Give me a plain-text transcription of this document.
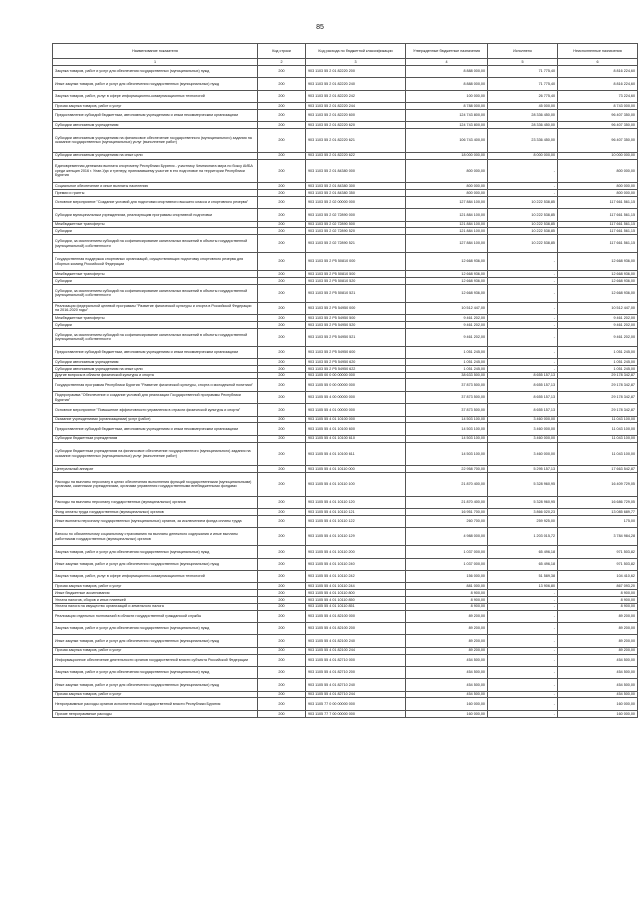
85
Наименование показателя	Код строки	Код расхода по бюджетной классификации	Утвержденные бюджетные назначения	Исполнено	Неисполненные назначения
1	2	3	4	5	6
Закупка товаров, работ и услуг для обеспечения государственных (муниципальных) нужд	200	903 1103 55 2 01 82220 200	8 888 000,00	71 775,40	8 816 224,60
Иные закупки товаров, работ и услуг для обеспечения государственных (муниципальных) нужд	200	903 1103 55 2 01 82220 240	8 888 000,00	71 775,40	8 816 224,60
Закупка товаров, работ, услуг в сфере информационно-коммуникационных технологий	200	903 1103 55 2 01 82220 242	100 000,00	26 775,40	73 224,60
Прочая закупка товаров, работ и услуг	200	903 1103 55 2 01 82220 244	8 788 000,00	45 000,00	8 743 000,00
Предоставление субсидий бюджетным, автономным учреждениям и иным некоммерческим организациям	200	903 1103 55 2 01 82220 600	124 743 800,00	28 336 450,00	96 407 350,00
Субсидии автономным учреждениям	200	903 1103 55 2 01 82220 620	124 743 800,00	28 336 450,00	96 407 350,00
Субсидии автономным учреждениям на финансовое обеспечение государственного (муниципального) задания на оказание государственных (муниципальных) услуг (выполнение работ)	200	903 1103 55 2 01 82220 621	106 743 400,00	23 336 450,00	96 407 350,00
Субсидии автономным учреждениям на иные цели	200	903 1103 55 2 01 82220 622	18 000 000,00	8 000 000,00	10 000 000,00
Единовременная денежная выплата спортсмену Республики Бурятия - участнику Чемпионата мира по боксу АИБА среди женщин 2016 г. Улан-Удэ и тренеру, принимавшему участие в его подготовке на территории Республики Бурятия	200	903 1103 55 2 01 84380 000	800 000,00	-	800 000,00
Социальное обеспечение и иные выплаты населению	200	903 1103 55 2 01 84380 300	800 000,00	-	800 000,00
Премии и гранты	200	903 1103 55 2 01 84380 350	800 000,00	-	800 000,00
Основное мероприятие "Создание условий для подготовки спортивного высшего класса и спортивного резерва"	200	903 1103 55 2 02 00000 000	127 884 100,00	10 222 538,85	117 661 561,15
Субсидии муниципальным учреждениям, реализующим программы спортивной подготовки	200	903 1103 55 2 02 72890 000	121 884 100,00	10 222 538,85	117 661 561,15
Межбюджетные трансферты	200	903 1103 55 2 02 72890 500	121 884 100,00	10 222 538,85	117 661 561,15
Субсидии	200	903 1103 55 2 02 72890 520	121 884 100,00	10 222 538,85	117 661 561,15
Субсидии, за исключением субсидий на софинансирование капитальных вложений в объекты государственной (муниципальной) собственности	200	903 1103 55 2 02 72890 521	127 884 100,00	10 222 538,85	117 661 561,15
Государственная поддержка спортивных организаций, осуществляющих подготовку спортивного резерва для сборных команд Российской Федерации	200	903 1103 55 2 P5 50810 000	12 668 936,00	-	12 668 936,00
Межбюджетные трансферты	200	903 1103 55 2 P5 50810 500	12 668 936,00	-	12 668 936,00
Субсидии	200	903 1103 55 2 P5 50810 520	12 668 936,00	-	12 668 936,00
Субсидии, за исключением субсидий на софинансирование капитальных вложений в объекты государственной (муниципальной) собственности	200	903 1103 55 2 P5 50810 521	12 668 936,00	-	12 668 936,00
Реализация федеральной целевой программы "Развитие физической культуры и спорта в Российской Федерации на 2016-2020 годы"	200	903 1103 55 2 P5 54950 000	10 512 447,00	-	10 512 447,00
Межбюджетные трансферты	200	903 1103 55 2 P5 54950 500	9 461 202,00	-	9 461 202,00
Субсидии	200	903 1103 55 2 P5 54950 520	9 461 202,00	-	9 461 202,00
Субсидии, за исключением субсидий на софинансирование капитальных вложений в объекты государственной (муниципальной) собственности	200	903 1103 55 2 P5 54950 521	9 461 202,00	-	9 461 202,00
Предоставление субсидий бюджетным, автономным учреждениям и иным некоммерческим организациям	200	903 1103 55 2 P5 54950 600	1 051 245,00	-	1 051 245,00
Субсидии автономным учреждениям	200	903 1103 55 2 P5 54950 620	1 051 245,00	-	1 051 245,00
Субсидии автономным учреждениям на иные цели	200	903 1103 55 2 P5 54950 622	1 051 245,00	-	1 051 245,00
Другие вопросы в области физической культуры и спорта	200	903 1105 00 0 00 00000 000	38 633 500,00	8 655 157,13	29 178 342,87
Государственная программа Республики Бурятия "Развитие физической культуры, спорта и молодежной политики"	200	903 1105 55 0 00 00000 000	37 873 500,00	8 655 157,13	29 178 342,87
Подпрограмма "Обеспечение и создание условий для реализации Государственной программы Республики Бурятия"	200	903 1105 55 4 00 00000 000	37 873 500,00	8 655 157,13	29 178 342,87
Основное мероприятие "Повышение эффективности управления в отрасли физической культуры и спорта"	200	903 1105 55 4 01 00000 000	37 873 500,00	8 655 157,13	29 178 342,87
Оказание учреждениями (организациями) услуг (работ)	200	903 1105 55 4 01 10100 000	14 503 100,00	3 460 000,00	11 043 100,00
Предоставление субсидий бюджетным, автономным учреждениям и иным некоммерческим организациям	200	903 1105 55 4 01 10100 600	14 503 100,00	3 460 000,00	11 043 100,00
Субсидии бюджетным учреждениям	200	903 1105 55 4 01 10100 610	14 503 100,00	3 460 000,00	11 043 100,00
Субсидии бюджетным учреждениям на финансовое обеспечение государственного (муниципального) задания на оказание государственных (муниципальных) услуг (выполнение работ)	200	903 1105 55 4 01 10100 611	14 503 100,00	3 460 000,00	11 043 100,00
Центральный аппарат	200	903 1105 55 4 01 10110 000	22 958 700,00	5 295 157,13	17 663 542,87
Расходы на выплаты персоналу в целях обеспечения выполнения функций государственными (муниципальными) органами, казенными учреждениями, органами управления государственными внебюджетными фондами	200	903 1105 55 4 01 10110 100	21 870 400,00	5 328 960,95	16 409 729,05
Расходы на выплаты персоналу государственных (муниципальных) органов	200	903 1105 55 4 01 10110 120	21 870 400,00	5 328 960,95	16 686 729,05
Фонд оплаты труда государственных (муниципальных) органов	200	903 1105 55 4 01 10110 121	16 951 700,00	3 866 020,23	13 085 689,77
Иные выплаты персоналу государственных (муниципальных) органов, за исключением фонда оплаты труда	200	903 1105 55 4 01 10110 122	260 700,00	259 925,00	175,00
Взносы по обязательному социальному страхованию на выплаты денежного содержания и иные выплаты работникам государственных (муниципальных) органов	200	903 1105 55 4 01 10110 129	4 988 000,00	1 203 015,72	3 784 984,28
Закупка товаров, работ и услуг для обеспечения государственных (муниципальных) нужд	200	903 1105 55 4 01 10110 200	1 037 000,00	65 496,18	971 503,82
Иные закупки товаров, работ и услуг для обеспечения государственных (муниципальных) нужд	200	903 1105 55 4 01 10110 240	1 037 000,00	65 496,18	971 503,82
Закупка товаров, работ, услуг в сфере информационно-коммуникационных технологий	200	903 1105 55 4 01 10110 242	156 000,00	51 589,38	104 410,62
Прочая закупка товаров, работ и услуг	200	903 1105 55 4 01 10110 244	881 000,00	13 906,80	867 093,20
Иные бюджетные ассигнования	200	903 1105 55 4 01 10110 800	8 900,00	-	8 900,00
Уплата налогов, сборов и иных платежей	200	903 1105 55 4 01 10110 850	8 900,00	-	8 900,00
Уплата налога на имущество организаций и земельного налога	200	903 1105 55 4 01 10110 851	8 900,00	-	8 900,00
Реализация отдельных полномочий в области государственной гражданской службы	200	903 1105 55 4 01 82100 000	89 200,00	-	89 200,00
Закупка товаров, работ и услуг для обеспечения государственных (муниципальных) нужд	200	903 1105 55 4 01 82100 200	89 200,00	-	89 200,00
Иные закупки товаров, работ и услуг для обеспечения государственных (муниципальных) нужд	200	903 1105 55 4 01 82100 240	89 200,00	-	89 200,00
Прочая закупка товаров, работ и услуг	200	903 1105 55 4 01 82100 244	89 200,00	-	89 200,00
Информационное обеспечение деятельности органов государственной власти субъекта Российской Федерации	200	903 1105 55 4 01 82710 000	454 500,00	-	454 500,00
Закупка товаров, работ и услуг для обеспечения государственных (муниципальных) нужд	200	903 1105 55 4 01 82710 200	454 500,00	-	454 500,00
Иные закупки товаров, работ и услуг для обеспечения государственных (муниципальных) нужд	200	903 1105 55 4 01 82710 240	454 500,00	-	454 500,00
Прочая закупка товаров, работ и услуг	200	903 1105 55 4 01 82710 244	454 500,00	-	454 500,00
Непрограммные расходы органов исполнительной государственной власти Республики Бурятия	200	903 1105 77 0 00 00000 000	160 000,00	-	160 000,00
Прочие непрограммные расходы	200	903 1105 77 7 00 00000 000	160 000,00	-	160 000,00
